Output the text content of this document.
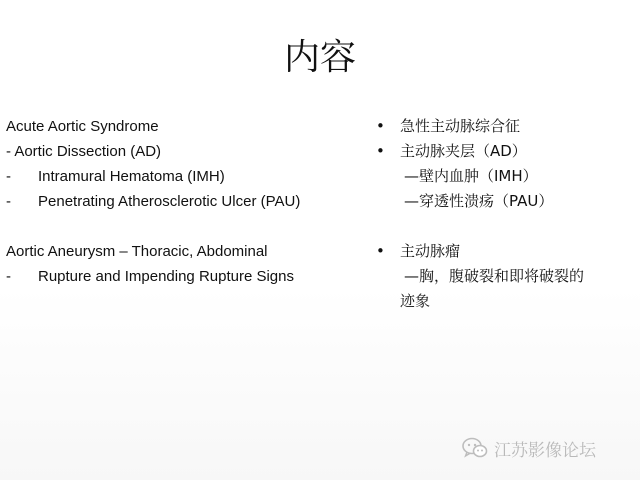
内容
Acute Aortic Syndrome
- Aortic Dissection (AD)
- Intramural Hematoma (IMH)
- Penetrating Atherosclerotic Ulcer (PAU)
Aortic Aneurysm – Thoracic, Abdominal
- Rupture and Impending Rupture Signs
• 急性主动脉综合征
• 主动脉夹层（AD）
—壁内血肿（IMH）
—穿透性溃疡（PAU）
• 主动脉瘤
—胸，腹破裂和即将破裂的
迹象
江苏影像论坛
